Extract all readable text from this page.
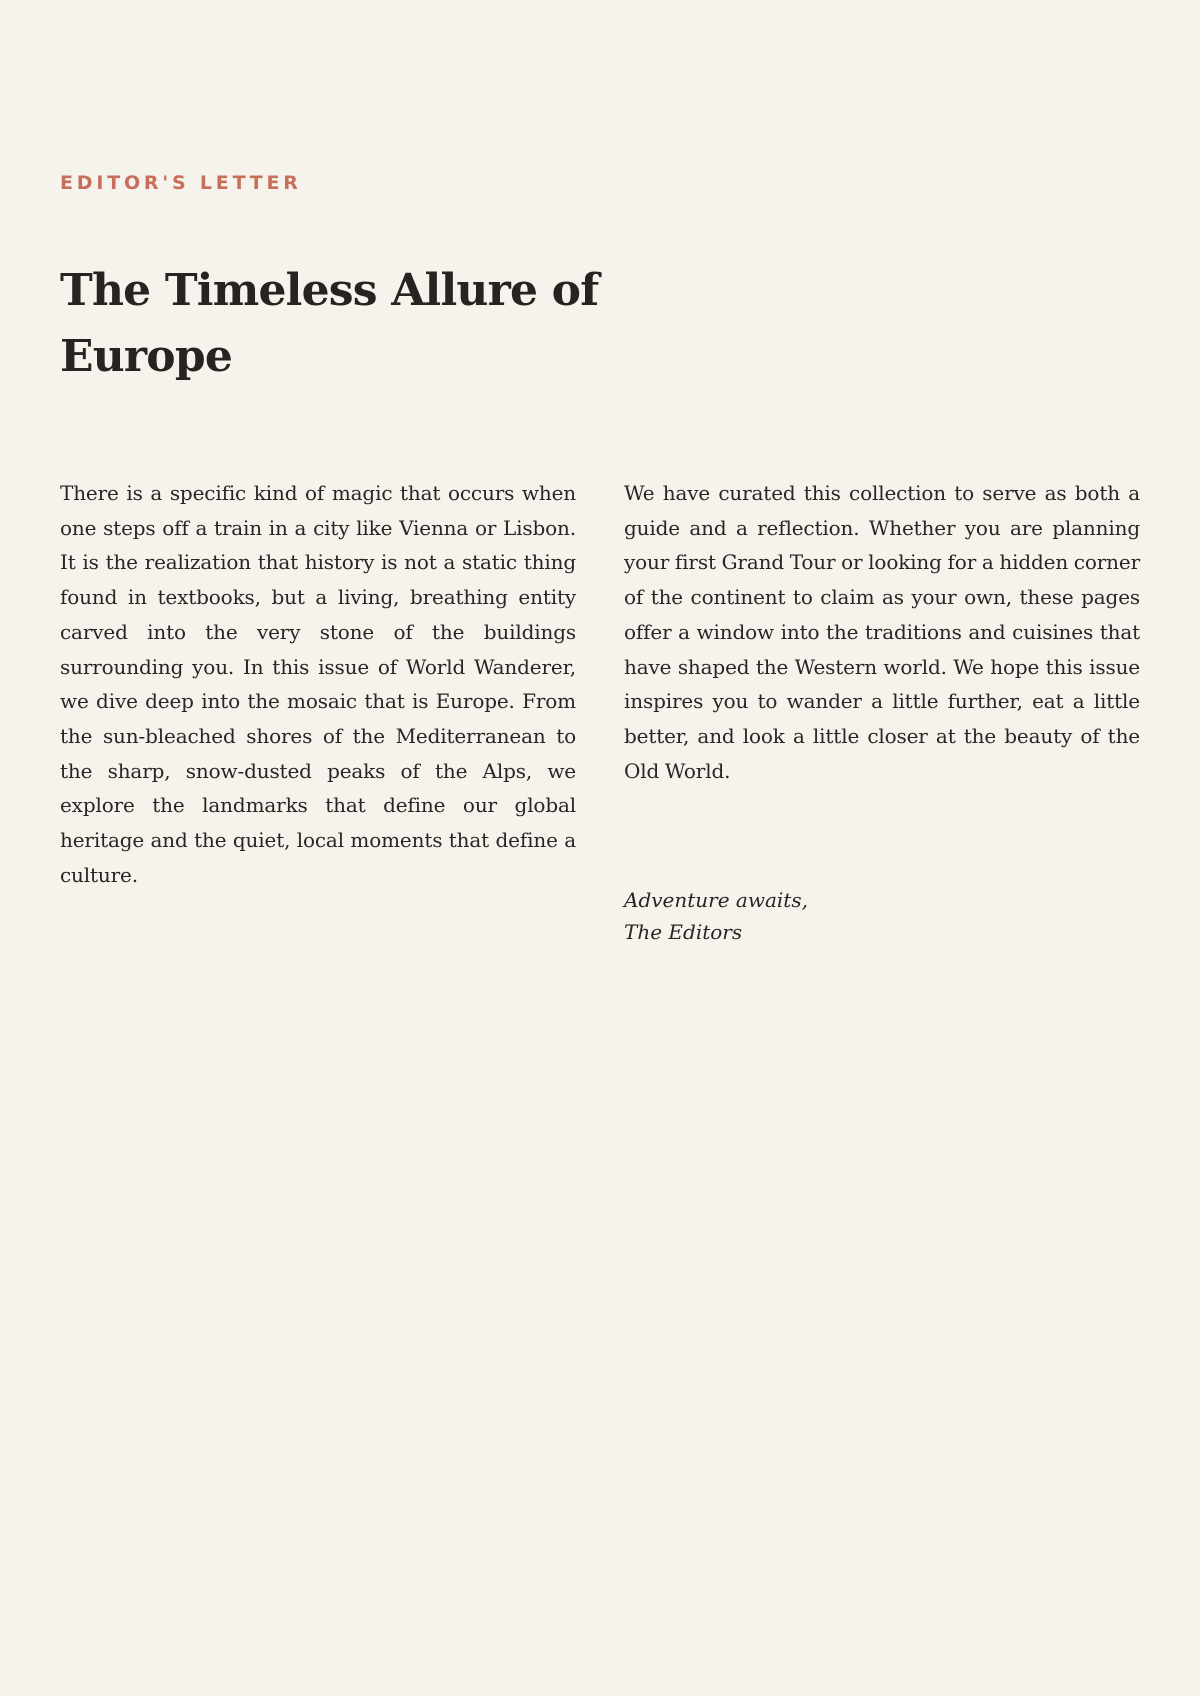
EDITOR'S LETTER
The Timeless Allure of Europe

There is a specific kind of magic that occurs when one steps off a train in a city like Vienna or Lisbon. It is the realization that history is not a static thing found in textbooks, but a living, breathing entity carved into the very stone of the buildings surrounding you. In this issue of World Wanderer, we dive deep into the mosaic that is Europe. From the sun-bleached shores of the Mediterranean to the sharp, snow-dusted peaks of the Alps, we explore the landmarks that define our global heritage and the quiet, local moments that define a culture.

We have curated this collection to serve as both a guide and a reflection. Whether you are planning your first Grand Tour or looking for a hidden corner of the continent to claim as your own, these pages offer a window into the traditions and cuisines that have shaped the Western world. We hope this issue inspires you to wander a little further, eat a little better, and look a little closer at the beauty of the Old World.

Adventure awaits,
The Editors
